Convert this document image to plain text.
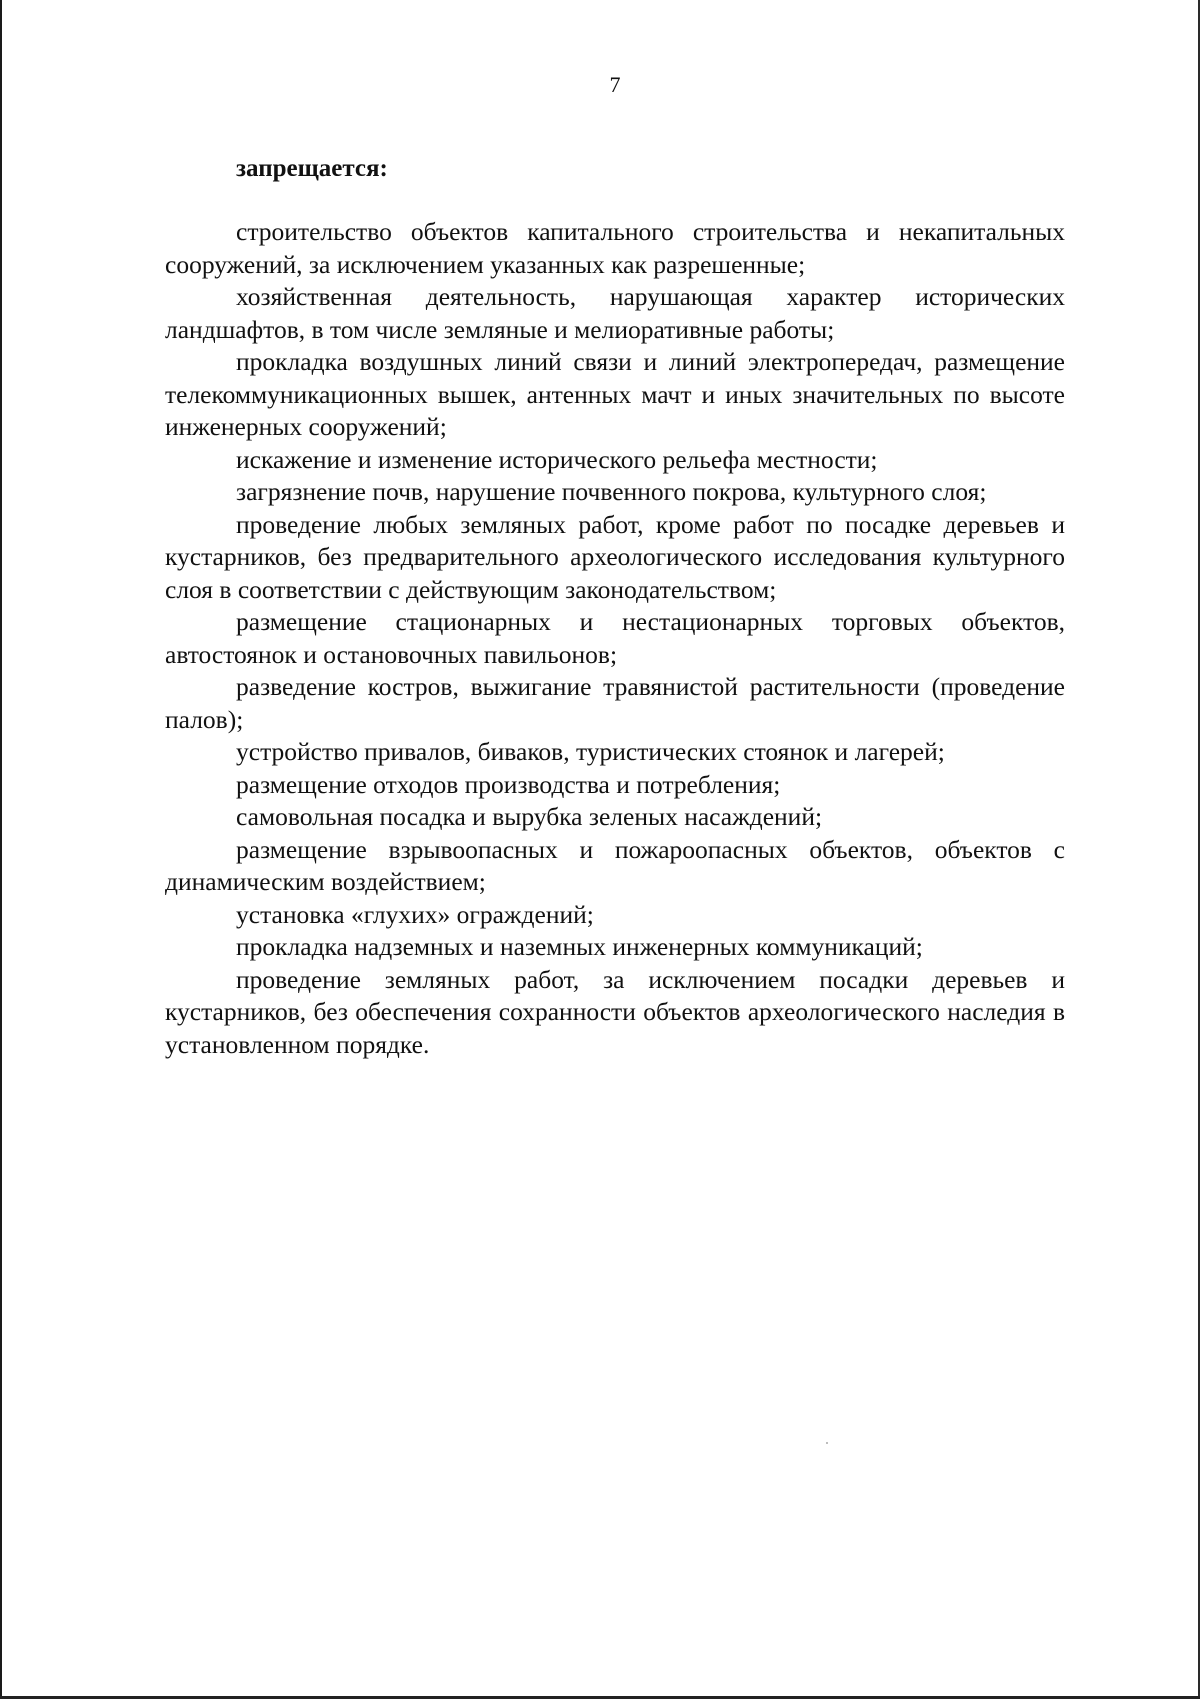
7

запрещается:

строительство объектов капитального строительства и некапитальных сооружений, за исключением указанных как разрешенные;

хозяйственная деятельность, нарушающая характер исторических ландшафтов, в том числе земляные и мелиоративные работы;

прокладка воздушных линий связи и линий электропередач, размещение телекоммуникационных вышек, антенных мачт и иных значительных по высоте инженерных сооружений;

искажение и изменение исторического рельефа местности;

загрязнение почв, нарушение почвенного покрова, культурного слоя;

проведение любых земляных работ, кроме работ по посадке деревьев и кустарников, без предварительного археологического исследования культурного слоя в соответствии с действующим законодательством;

размещение стационарных и нестационарных торговых объектов, автостоянок и остановочных павильонов;

разведение костров, выжигание травянистой растительности (проведение палов);

устройство привалов, биваков, туристических стоянок и лагерей;

размещение отходов производства и потребления;

самовольная посадка и вырубка зеленых насаждений;

размещение взрывоопасных и пожароопасных объектов, объектов с динамическим воздействием;

установка «глухих» ограждений;

прокладка надземных и наземных инженерных коммуникаций;

проведение земляных работ, за исключением посадки деревьев и кустарников, без обеспечения сохранности объектов археологического наследия в установленном порядке.
